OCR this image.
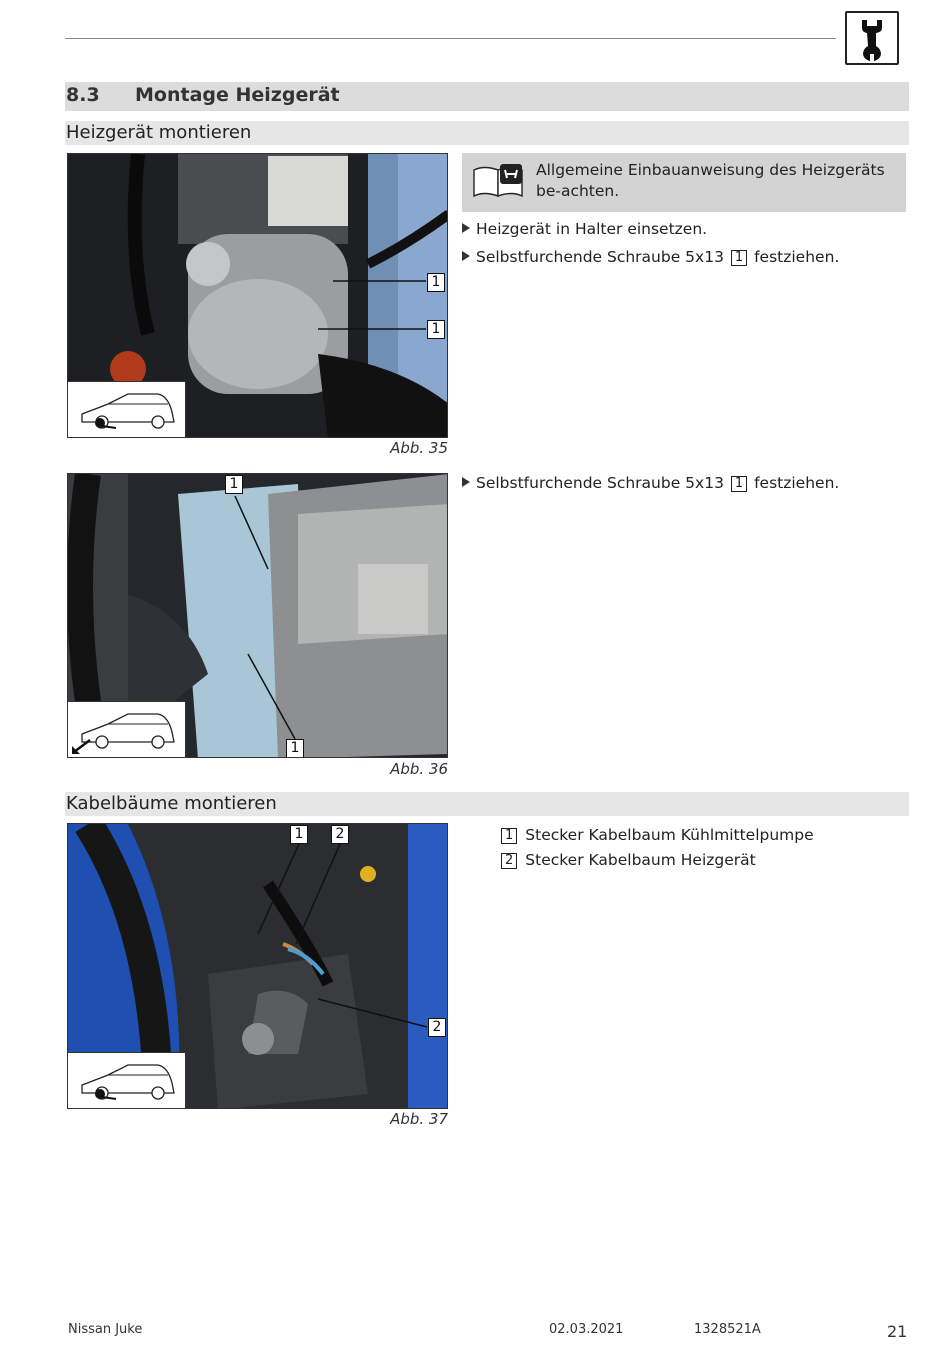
8.3 Montage Heizgerät
Heizgerät montieren
1
1
Abb. 35
Allgemeine Einbauanweisung des Heizgeräts be-achten.
Heizgerät in Halter einsetzen.
Selbstfurchende Schraube 5x13 1 festziehen.
1
1
Abb. 36
Selbstfurchende Schraube 5x13 1 festziehen.
Kabelbäume montieren
1	2
2
Abb. 37
1 Stecker Kabelbaum Kühlmittelpumpe
2 Stecker Kabelbaum Heizgerät
Nissan Juke	02.03.2021	1328521A	21
